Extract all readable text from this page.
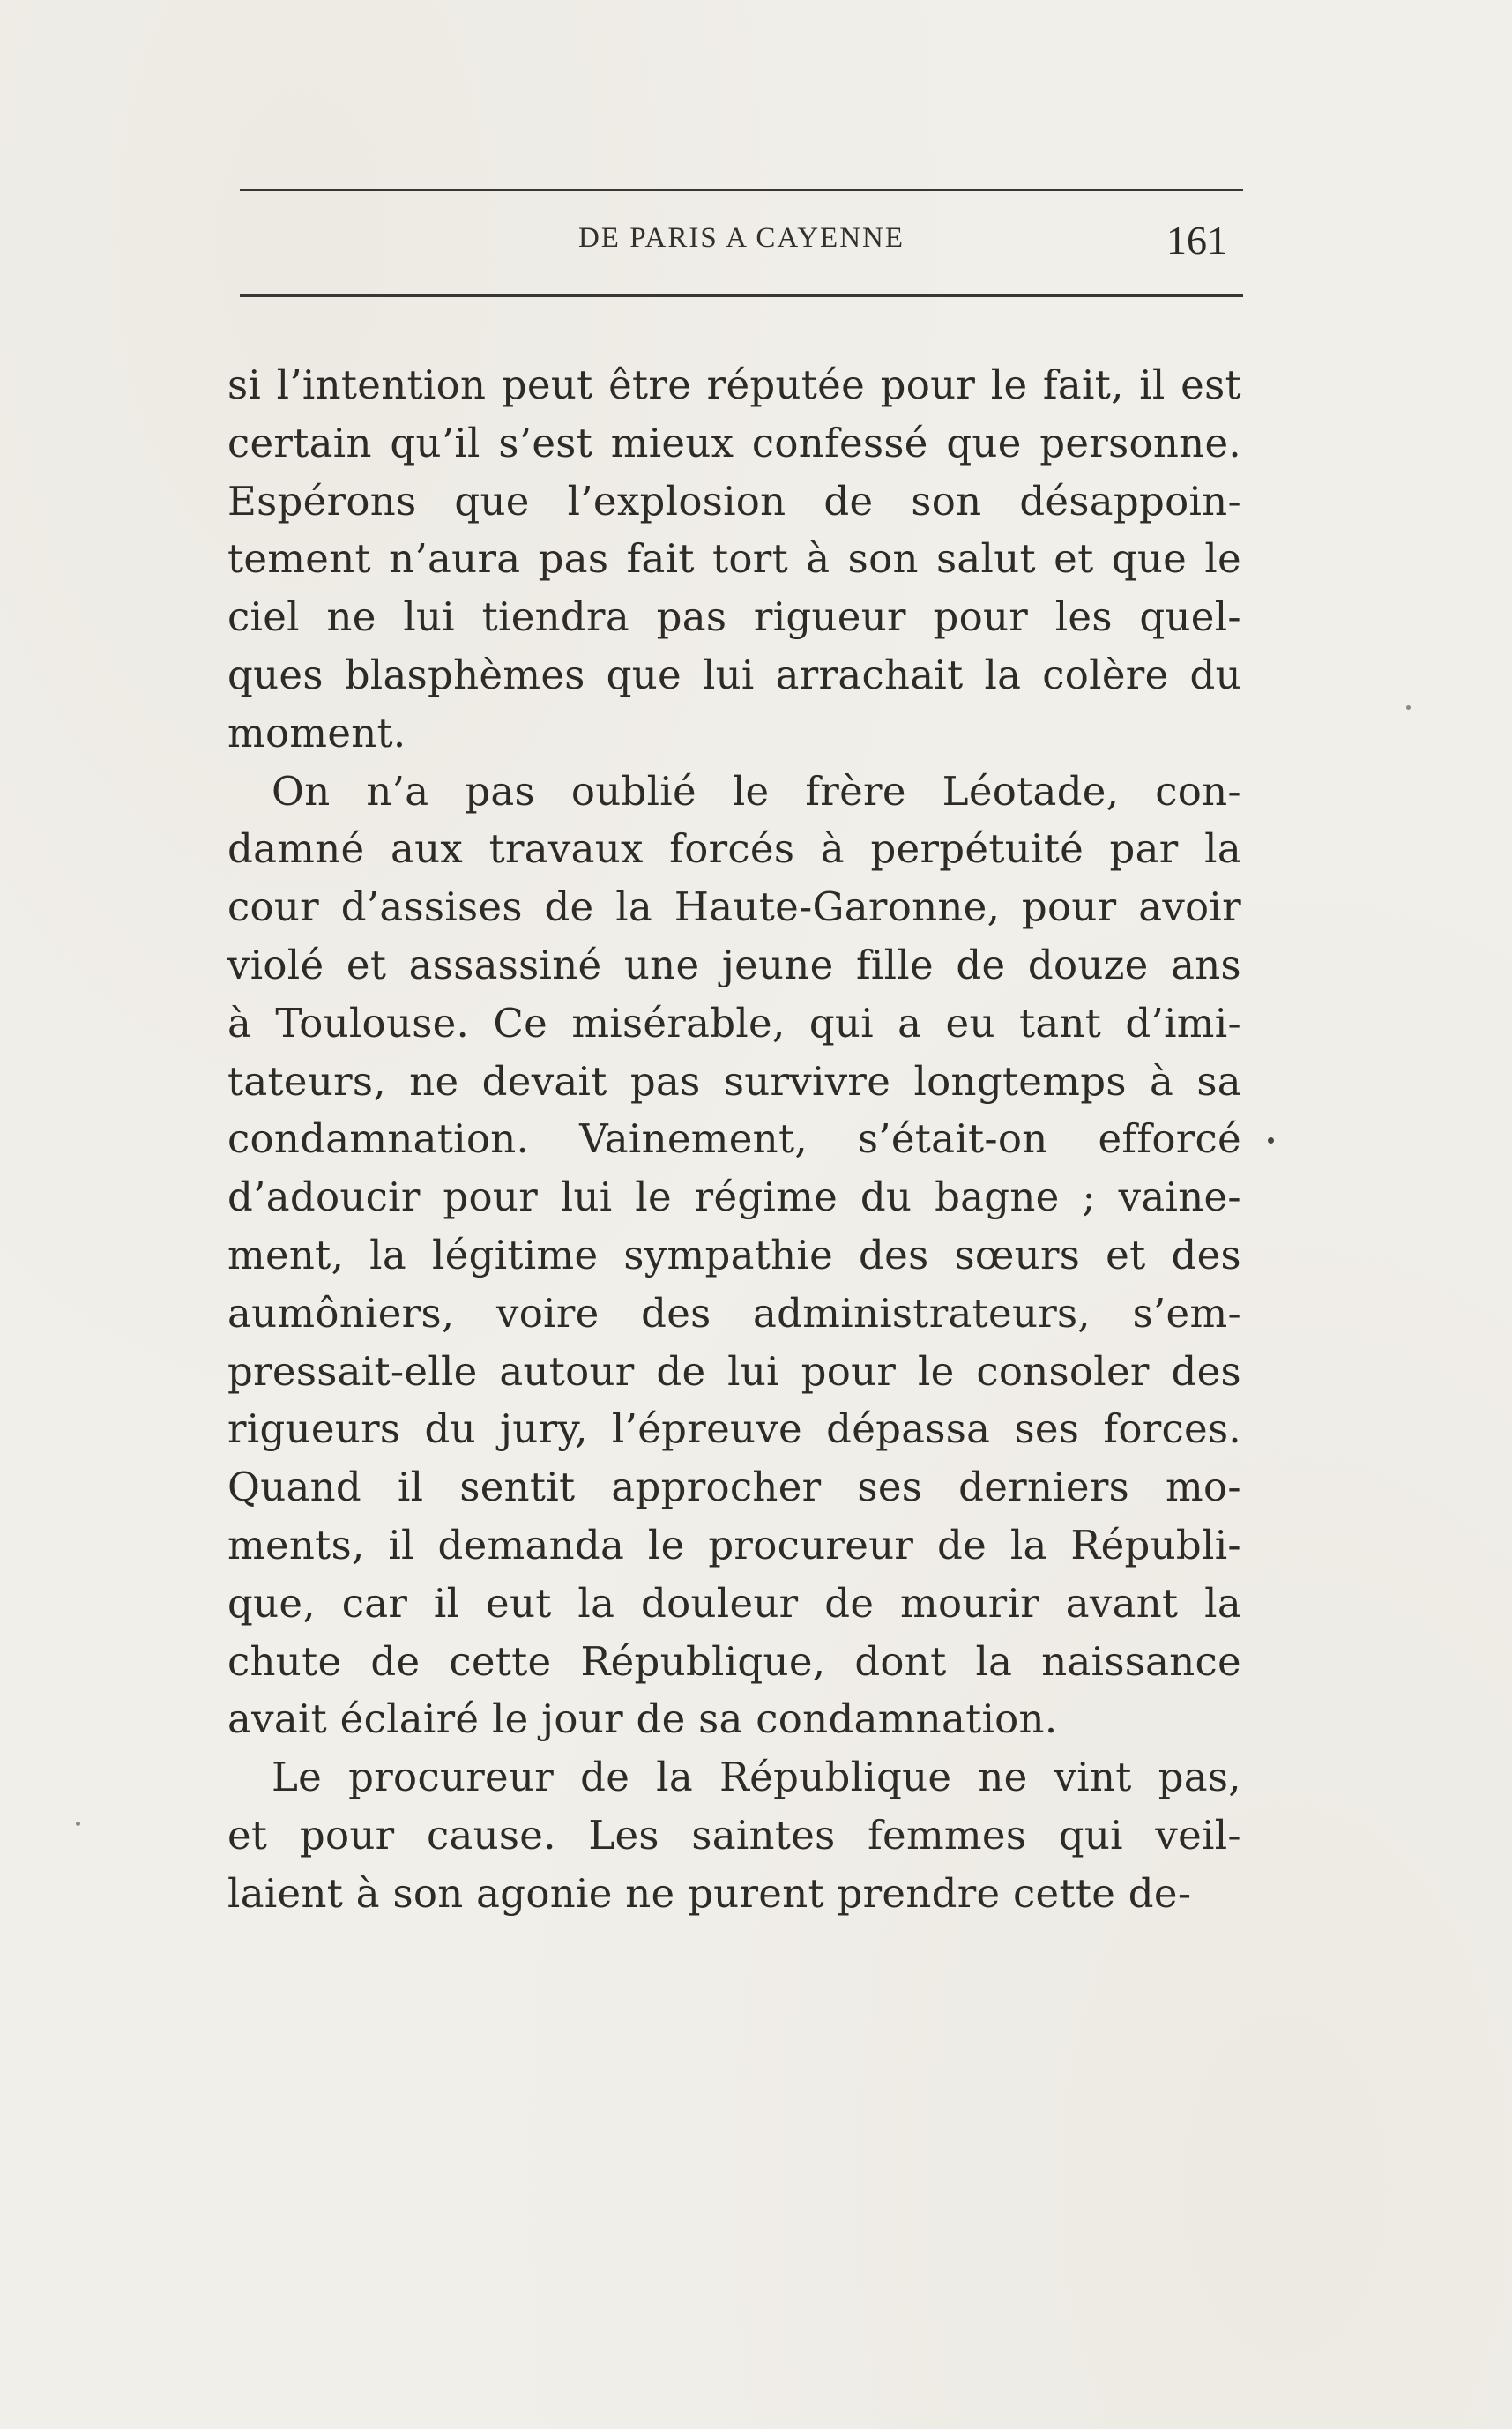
DE PARIS A CAYENNE	161
si l’intention peut être réputée pour le fait, il est
certain qu’il s’est mieux confessé que personne.
Espérons que l’explosion de son désappoin-
tement n’aura pas fait tort à son salut et que le
ciel ne lui tiendra pas rigueur pour les quel-
ques blasphèmes que lui arrachait la colère du
moment.
On n’a pas oublié le frère Léotade, con-
damné aux travaux forcés à perpétuité par la
cour d’assises de la Haute-Garonne, pour avoir
violé et assassiné une jeune fille de douze ans
à Toulouse. Ce misérable, qui a eu tant d’imi-
tateurs, ne devait pas survivre longtemps à sa
condamnation. Vainement, s’était-on efforcé
d’adoucir pour lui le régime du bagne ; vaine-
ment, la légitime sympathie des sœurs et des
aumôniers, voire des administrateurs, s’em-
pressait-elle autour de lui pour le consoler des
rigueurs du jury, l’épreuve dépassa ses forces.
Quand il sentit approcher ses derniers mo-
ments, il demanda le procureur de la Républi-
que, car il eut la douleur de mourir avant la
chute de cette République, dont la naissance
avait éclairé le jour de sa condamnation.
Le procureur de la République ne vint pas,
et pour cause. Les saintes femmes qui veil-
laient à son agonie ne purent prendre cette de-
